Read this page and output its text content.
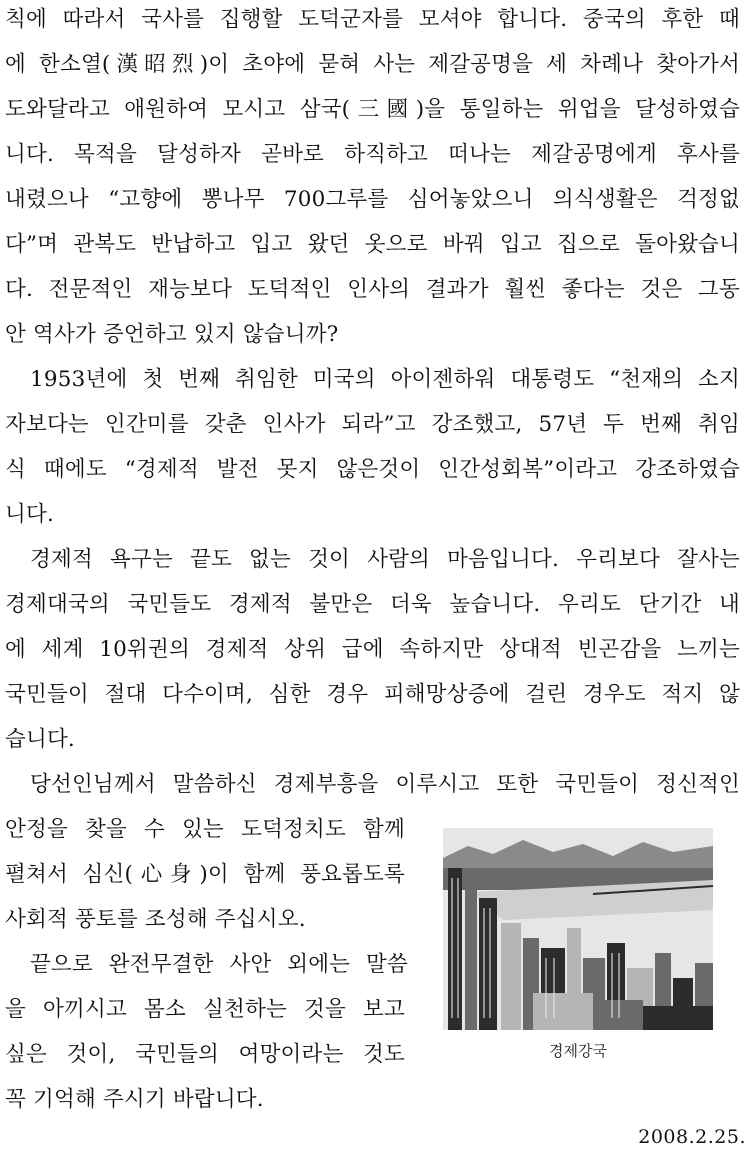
칙에 따라서 국사를 집행할 도덕군자를 모셔야 합니다. 중국의 후한 때
에 한소열(漢昭烈)이 초야에 묻혀 사는 제갈공명을 세 차례나 찾아가서
도와달라고 애원하여 모시고 삼국(三國)을 통일하는 위업을 달성하였습
니다. 목적을 달성하자 곧바로 하직하고 떠나는 제갈공명에게 후사를
내렸으나 “고향에 뽕나무 700그루를 심어놓았으니 의식생활은 걱정없
다”며 관복도 반납하고 입고 왔던 옷으로 바꿔 입고 집으로 돌아왔습니
다. 전문적인 재능보다 도덕적인 인사의 결과가 훨씬 좋다는 것은 그동
안 역사가 증언하고 있지 않습니까?
1953년에 첫 번째 취임한 미국의 아이젠하워 대통령도 “천재의 소지
자보다는 인간미를 갖춘 인사가 되라”고 강조했고, 57년 두 번째 취임
식 때에도 “경제적 발전 못지 않은것이 인간성회복”이라고 강조하였습
니다.
경제적 욕구는 끝도 없는 것이 사람의 마음입니다. 우리보다 잘사는
경제대국의 국민들도 경제적 불만은 더욱 높습니다. 우리도 단기간 내
에 세계 10위권의 경제적 상위 급에 속하지만 상대적 빈곤감을 느끼는
국민들이 절대 다수이며, 심한 경우 피해망상증에 걸린 경우도 적지 않
습니다.
당선인님께서 말씀하신 경제부흥을 이루시고 또한 국민들이 정신적인
안정을 찾을 수 있는 도덕정치도 함께
펼쳐서 심신(心身)이 함께 풍요롭도록
사회적 풍토를 조성해 주십시오.
끝으로 완전무결한 사안 외에는 말씀
을 아끼시고 몸소 실천하는 것을 보고
싶은 것이, 국민들의 여망이라는 것도
꼭 기억해 주시기 바랍니다.
경제강국
2008.2.25.
